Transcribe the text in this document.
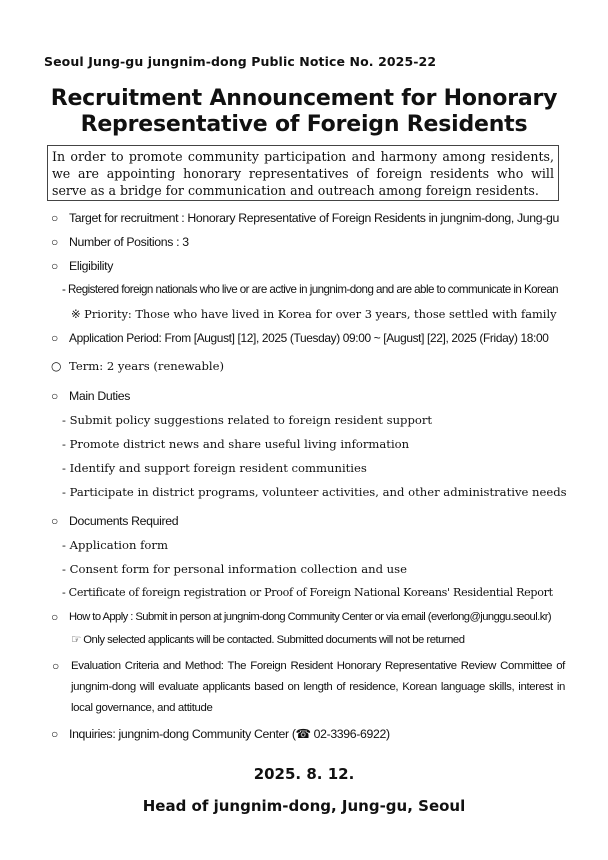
Seoul Jung-gu jungnim-dong Public Notice No. 2025-22
Recruitment Announcement for Honorary
Representative of Foreign Residents
In order to promote community participation and harmony among residents, we are appointing honorary representatives of foreign residents who will serve as a bridge for communication and outreach among foreign residents.
○ Target for recruitment : Honorary Representative of Foreign Residents in jungnim-dong, Jung-gu
○ Number of Positions : 3
○ Eligibility
- Registered foreign nationals who live or are active in jungnim-dong and are able to communicate in Korean
※ Priority: Those who have lived in Korea for over 3 years, those settled with family
○ Application Period: From [August] [12], 2025 (Tuesday) 09:00 ~ [August] [22], 2025 (Friday) 18:00
○ Term: 2 years (renewable)
○ Main Duties
- Submit policy suggestions related to foreign resident support
- Promote district news and share useful living information
- Identify and support foreign resident communities
- Participate in district programs, volunteer activities, and other administrative needs
○ Documents Required
- Application form
- Consent form for personal information collection and use
- Certificate of foreign registration or Proof of Foreign National Koreans' Residential Report
○ How to Apply : Submit in person at jungnim-dong Community Center or via email (everlong@junggu.seoul.kr)
☞ Only selected applicants will be contacted. Submitted documents will not be returned
○ Evaluation Criteria and Method: The Foreign Resident Honorary Representative Review Committee of jungnim-dong will evaluate applicants based on length of residence, Korean language skills, interest in local governance, and attitude
○ Inquiries: jungnim-dong Community Center (☎ 02-3396-6922)
2025. 8. 12.
Head of jungnim-dong, Jung-gu, Seoul
